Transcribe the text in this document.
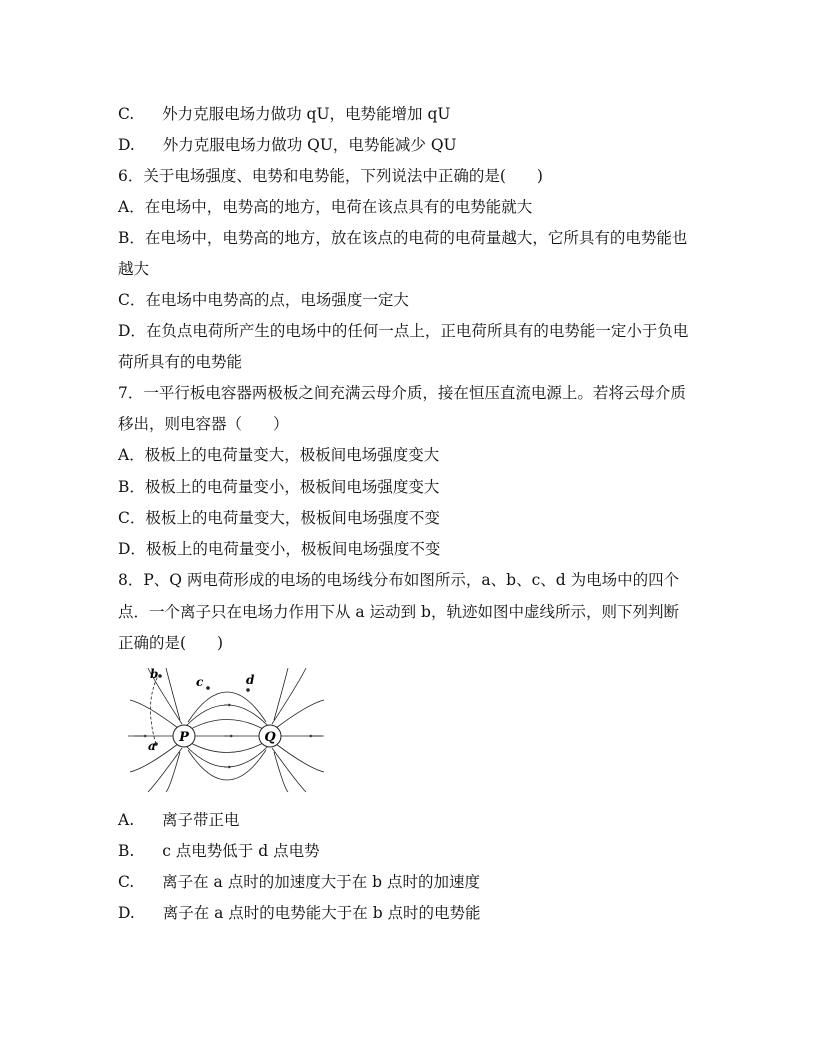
C. 外力克服电场力做功 qU，电势能增加 qU
D. 外力克服电场力做功 QU，电势能减少 QU
6．关于电场强度、电势和电势能，下列说法中正确的是(　　)
A．在电场中，电势高的地方，电荷在该点具有的电势能就大
B．在电场中，电势高的地方，放在该点的电荷的电荷量越大，它所具有的电势能也
越大
C．在电场中电势高的点，电场强度一定大
D．在负点电荷所产生的电场中的任何一点上，正电荷所具有的电势能一定小于负电
荷所具有的电势能
7．一平行板电容器两极板之间充满云母介质，接在恒压直流电源上。若将云母介质
移出，则电容器（　　）
A．极板上的电荷量变大，极板间电场强度变大
B．极板上的电荷量变小，极板间电场强度变大
C．极板上的电荷量变大，极板间电场强度不变
D．极板上的电荷量变小，极板间电场强度不变
8．P、Q 两电荷形成的电场的电场线分布如图所示，a、b、c、d 为电场中的四个
点．一个离子只在电场力作用下从 a 运动到 b，轨迹如图中虚线所示，则下列判断
正确的是(　　)
P	Q
a
b
c	d
A. 离子带正电
B. c 点电势低于 d 点电势
C. 离子在 a 点时的加速度大于在 b 点时的加速度
D. 离子在 a 点时的电势能大于在 b 点时的电势能
